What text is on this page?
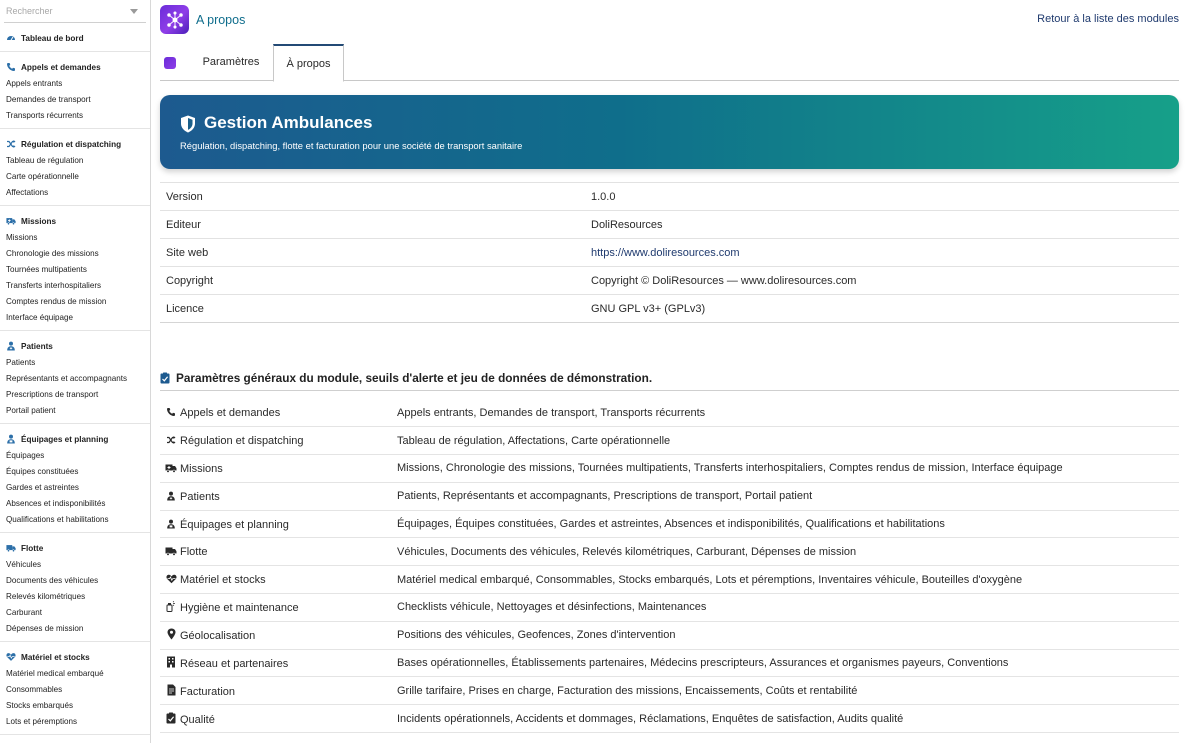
Rechercher
Tableau de bord
Appels et demandes
Appels entrants
Demandes de transport
Transports récurrents
Régulation et dispatching
Tableau de régulation
Carte opérationnelle
Affectations
Missions
Missions
Chronologie des missions
Tournées multipatients
Transferts interhospitaliers
Comptes rendus de mission
Interface équipage
Patients
Patients
Représentants et accompagnants
Prescriptions de transport
Portail patient
Équipages et planning
Équipages
Équipes constituées
Gardes et astreintes
Absences et indisponibilités
Qualifications et habilitations
Flotte
Véhicules
Documents des véhicules
Relevés kilométriques
Carburant
Dépenses de mission
Matériel et stocks
Matériel medical embarqué
Consommables
Stocks embarqués
Lots et péremptions
A propos	Retour à la liste des modules
Paramètres	À propos
Gestion Ambulances
Régulation, dispatching, flotte et facturation pour une société de transport sanitaire
Version	1.0.0
Editeur	DoliResources
Site web	https://www.doliresources.com
Copyright	Copyright © DoliResources — www.doliresources.com
Licence	GNU GPL v3+ (GPLv3)
Paramètres généraux du module, seuils d'alerte et jeu de données de démonstration.
Appels et demandes	Appels entrants, Demandes de transport, Transports récurrents

Régulation et dispatching	Tableau de régulation, Affectations, Carte opérationnelle

Missions	Missions, Chronologie des missions, Tournées multipatients, Transferts interhospitaliers, Comptes rendus de mission, Interface équipage

Patients	Patients, Représentants et accompagnants, Prescriptions de transport, Portail patient

Équipages et planning	Équipages, Équipes constituées, Gardes et astreintes, Absences et indisponibilités, Qualifications et habilitations

Flotte	Véhicules, Documents des véhicules, Relevés kilométriques, Carburant, Dépenses de mission

Matériel et stocks	Matériel medical embarqué, Consommables, Stocks embarqués, Lots et péremptions, Inventaires véhicule, Bouteilles d'oxygène

Hygiène et maintenance	Checklists véhicule, Nettoyages et désinfections, Maintenances

Géolocalisation	Positions des véhicules, Geofences, Zones d'intervention

Réseau et partenaires	Bases opérationnelles, Établissements partenaires, Médecins prescripteurs, Assurances et organismes payeurs, Conventions

Facturation	Grille tarifaire, Prises en charge, Facturation des missions, Encaissements, Coûts et rentabilité

Qualité	Incidents opérationnels, Accidents et dommages, Réclamations, Enquêtes de satisfaction, Audits qualité
